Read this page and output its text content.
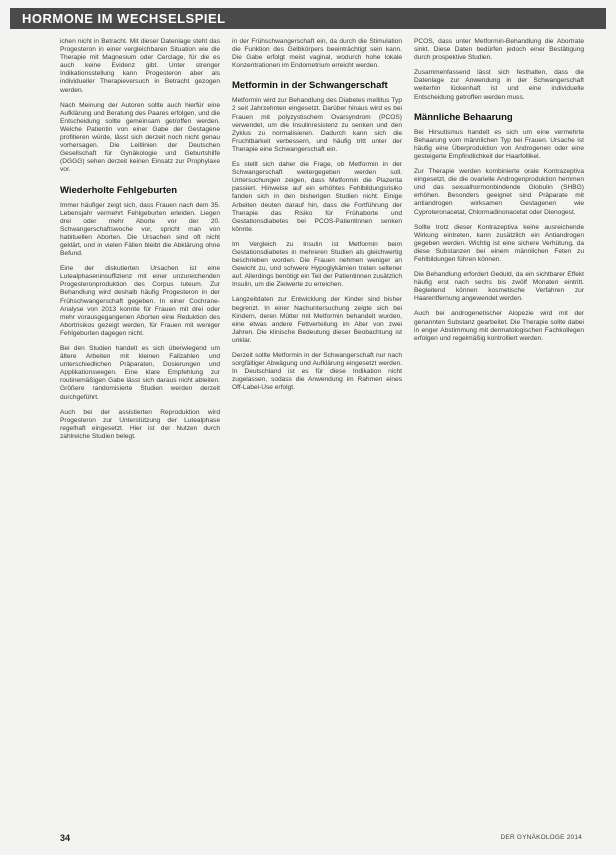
HORMONE IM WECHSELSPIEL

ichen nicht in Betracht. Mit dieser Datenlage steht das Progesteron in einer vergleichbaren Situation wie die Therapie mit Magnesium oder Cerclage, für die es auch keine Evidenz gibt. Unter strenger Indikationsstellung kann Progesteron aber als individueller Therapieversuch in Betracht gezogen werden.

Nach Meinung der Autoren sollte auch hierfür eine Aufklärung und Beratung des Paares erfolgen, und die Entscheidung sollte gemeinsam getroffen werden. Welche Patientin von einer Gabe der Gestagene profitieren würde, lässt sich derzeit noch nicht genau vorhersagen. Die Leitlinien der Deutschen Gesellschaft für Gynäkologie und Geburtshilfe (DGGG) sehen derzeit keinen Einsatz zur Prophylaxe vor.

Wiederholte Fehlgeburten

Immer häufiger zeigt sich, dass Frauen nach dem 35. Lebensjahr vermehrt Fehlgeburten erleiden. Liegen drei oder mehr Aborte vor der 20. Schwangerschaftswoche vor, spricht man von habituellen Aborten. Die Ursachen sind oft nicht geklärt, und in vielen Fällen bleibt die Abklärung ohne Befund.

Eine der diskutierten Ursachen ist eine Lutealphaseninsuffizienz mit einer unzureichenden Progesteronproduktion des Corpus luteum. Zur Behandlung wird deshalb häufig Progesteron in der Frühschwangerschaft gegeben. In einer Cochrane-Analyse von 2013 konnte für Frauen mit drei oder mehr vorausgegangenen Aborten eine Reduktion des Abortrisikos gezeigt werden, für Frauen mit weniger Fehlgeburten dagegen nicht.

Bei den Studien handelt es sich überwiegend um ältere Arbeiten mit kleinen Fallzahlen und unterschiedlichen Präparaten, Dosierungen und Applikationswegen. Eine klare Empfehlung zur routinemäßigen Gabe lässt sich daraus nicht ableiten. Größere randomisierte Studien werden derzeit durchgeführt.

Auch bei der assistierten Reproduktion wird Progesteron zur Unterstützung der Lutealphase regelhaft eingesetzt. Hier ist der Nutzen durch zahlreiche Studien belegt.

in der Frühschwangerschaft ein, da durch die Stimulation die Funktion des Gelbkörpers beeinträchtigt sein kann. Die Gabe erfolgt meist vaginal, wodurch hohe lokale Konzentrationen im Endometrium erreicht werden.

Metformin in der Schwangerschaft

Metformin wird zur Behandlung des Diabetes mellitus Typ 2 seit Jahrzehnten eingesetzt. Darüber hinaus wird es bei Frauen mit polyzystischem Ovarsyndrom (PCOS) verwendet, um die Insulinresistenz zu senken und den Zyklus zu normalisieren. Dadurch kann sich die Fruchtbarkeit verbessern, und häufig tritt unter der Therapie eine Schwangerschaft ein.

Es stellt sich daher die Frage, ob Metformin in der Schwangerschaft weitergegeben werden soll. Untersuchungen zeigen, dass Metformin die Plazenta passiert. Hinweise auf ein erhöhtes Fehlbildungsrisiko fanden sich in den bisherigen Studien nicht. Einige Arbeiten deuten darauf hin, dass die Fortführung der Therapie das Risiko für Frühaborte und Gestationsdiabetes bei PCOS-Patientinnen senken könnte.

Im Vergleich zu Insulin ist Metformin beim Gestationsdiabetes in mehreren Studien als gleichwertig beschrieben worden. Die Frauen nehmen weniger an Gewicht zu, und schwere Hypoglykämien treten seltener auf. Allerdings benötigt ein Teil der Patientinnen zusätzlich Insulin, um die Zielwerte zu erreichen.

Langzeitdaten zur Entwicklung der Kinder sind bisher begrenzt. In einer Nachuntersuchung zeigte sich bei Kindern, deren Mütter mit Metformin behandelt wurden, eine etwas andere Fettverteilung im Alter von zwei Jahren. Die klinische Bedeutung dieser Beobachtung ist unklar.

Derzeit sollte Metformin in der Schwangerschaft nur nach sorgfältiger Abwägung und Aufklärung eingesetzt werden. In Deutschland ist es für diese Indikation nicht zugelassen, sodass die Anwendung im Rahmen eines Off-Label-Use erfolgt.

PCOS, dass unter Metformin-Behandlung die Abortrate sinkt. Diese Daten bedürfen jedoch einer Bestätigung durch prospektive Studien.

Zusammenfassend lässt sich festhalten, dass die Datenlage zur Anwendung in der Schwangerschaft weiterhin lückenhaft ist und eine individuelle Entscheidung getroffen werden muss.

Männliche Behaarung

Bei Hirsutismus handelt es sich um eine vermehrte Behaarung vom männlichen Typ bei Frauen. Ursache ist häufig eine Überproduktion von Androgenen oder eine gesteigerte Empfindlichkeit der Haarfollikel.

Zur Therapie werden kombinierte orale Kontrazeptiva eingesetzt, die die ovarielle Androgenproduktion hemmen und das sexualhormonbindende Globulin (SHBG) erhöhen. Besonders geeignet sind Präparate mit antiandrogen wirksamen Gestagenen wie Cyproteronacetat, Chlormadinonacetat oder Dienogest.

Sollte trotz dieser Kontrazeptiva keine ausreichende Wirkung eintreten, kann zusätzlich ein Antiandrogen gegeben werden. Wichtig ist eine sichere Verhütung, da diese Substanzen bei einem männlichen Feten zu Fehlbildungen führen können.

Die Behandlung erfordert Geduld, da ein sichtbarer Effekt häufig erst nach sechs bis zwölf Monaten eintritt. Begleitend können kosmetische Verfahren zur Haarentfernung angewendet werden.

Auch bei androgenetischer Alopezie wird mit der genannten Substanz gearbeitet. Die Therapie sollte dabei in enger Abstimmung mit dermatologischen Fachkollegen erfolgen und regelmäßig kontrolliert werden.

34	DER GYNÄKOLOGE 2014
